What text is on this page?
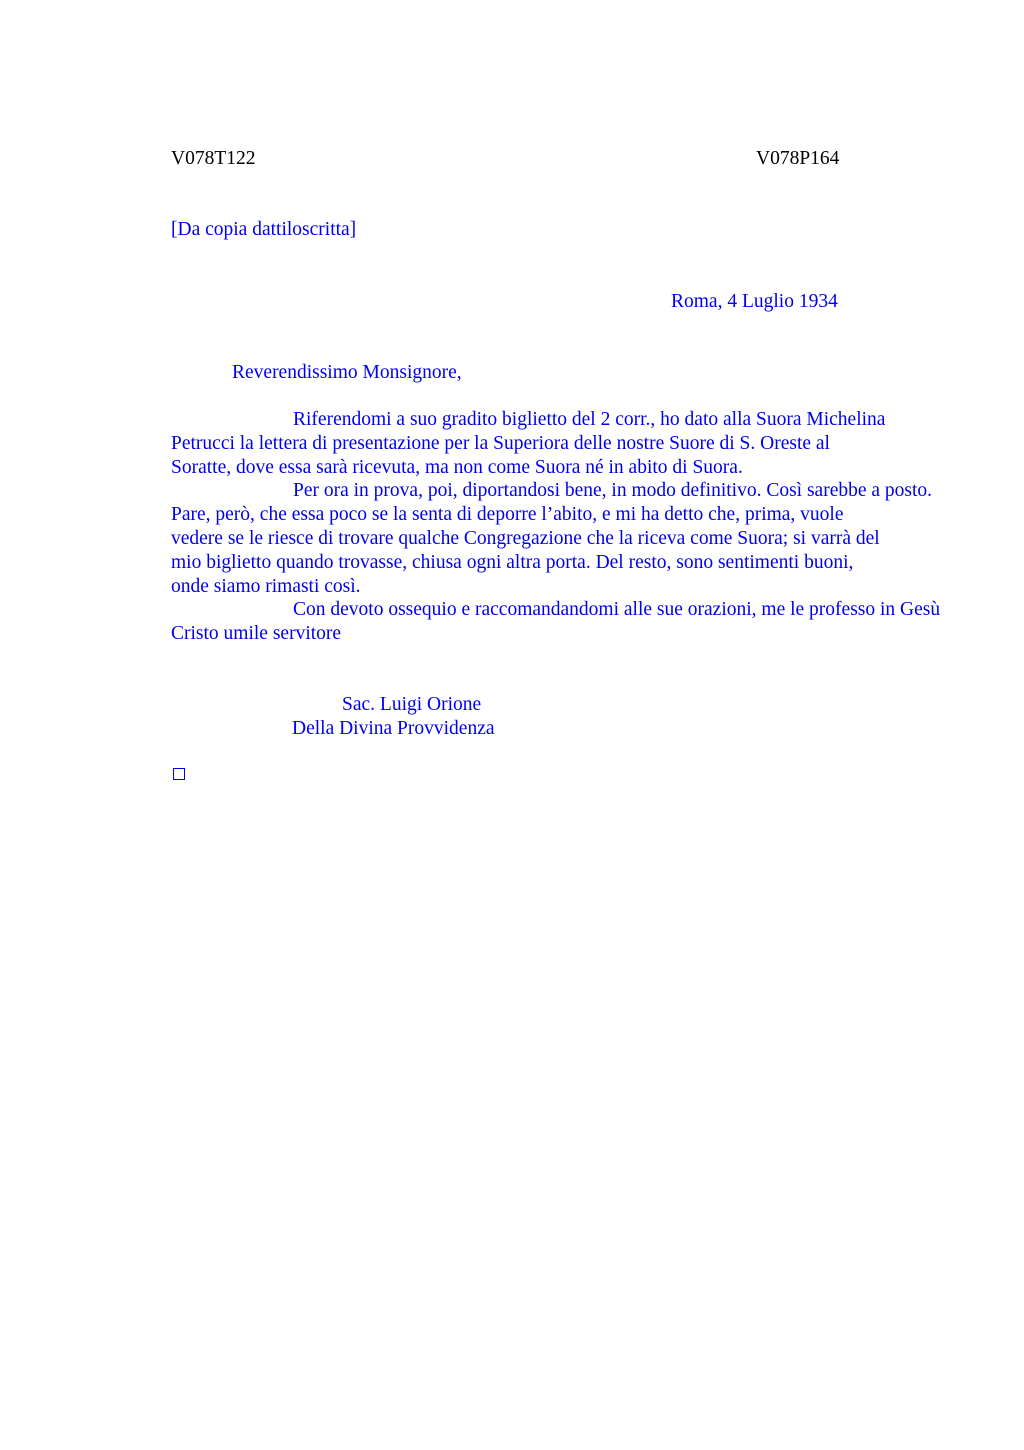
V078T122	V078P164
[Da copia dattiloscritta]
Roma, 4 Luglio 1934
Reverendissimo Monsignore,
Riferendomi a suo gradito biglietto del 2 corr., ho dato alla Suora Michelina
Petrucci la lettera di presentazione per la Superiora delle nostre Suore di S. Oreste al
Soratte, dove essa sarà ricevuta, ma non come Suora né in abito di Suora.
Per ora in prova, poi, diportandosi bene, in modo definitivo. Così sarebbe a posto.
Pare, però, che essa poco se la senta di deporre l’abito, e mi ha detto che, prima, vuole
vedere se le riesce di trovare qualche Congregazione che la riceva come Suora; si varrà del
mio biglietto quando trovasse, chiusa ogni altra porta. Del resto, sono sentimenti buoni,
onde siamo rimasti così.
Con devoto ossequio e raccomandandomi alle sue orazioni, me le professo in Gesù
Cristo umile servitore
Sac. Luigi Orione
Della Divina Provvidenza
